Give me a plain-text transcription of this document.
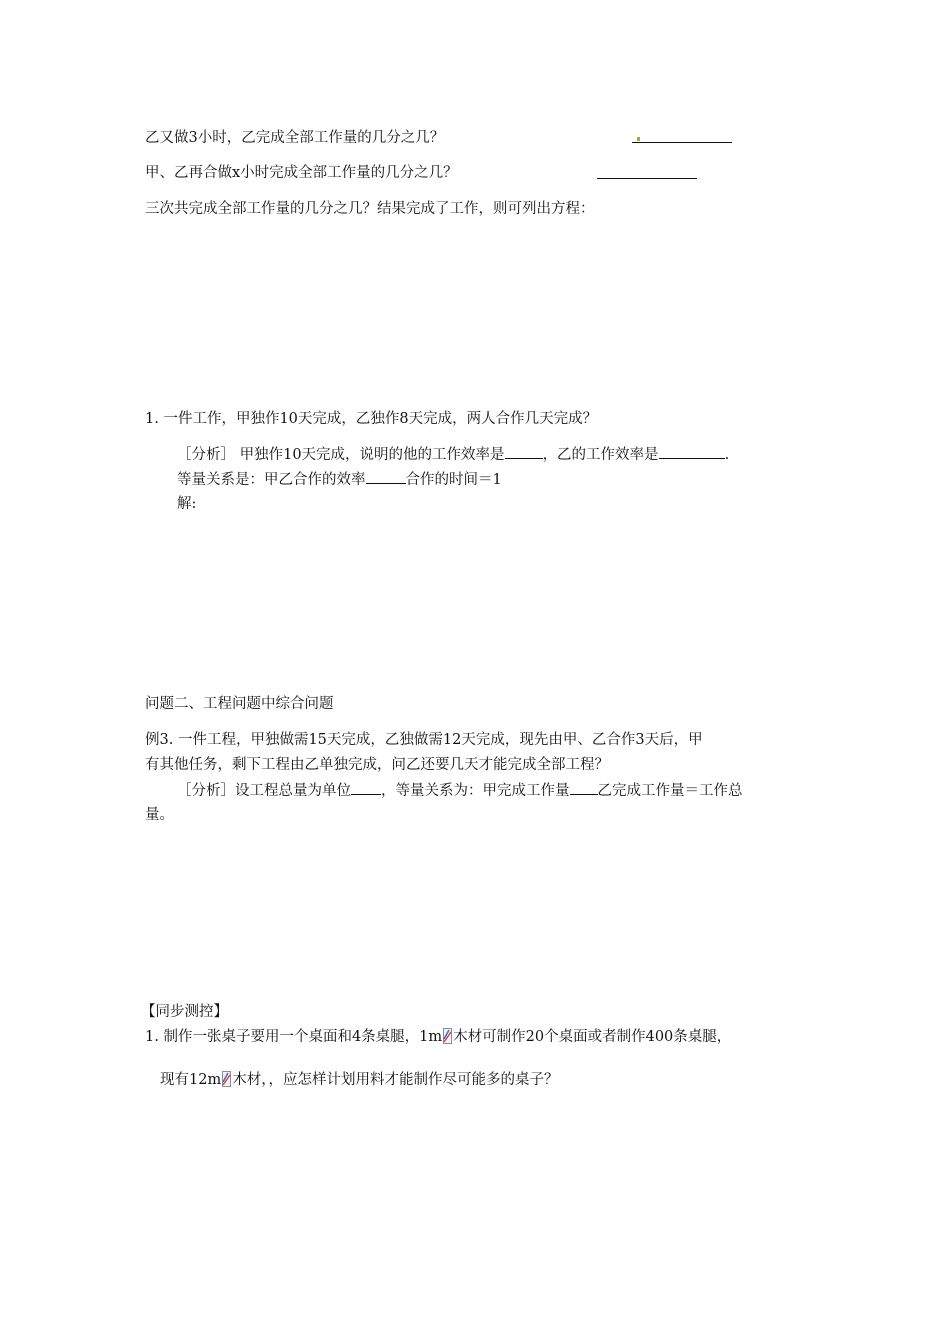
乙又做3小时，乙完成全部工作量的几分之几？
甲、乙再合做x小时完成全部工作量的几分之几？
三次共完成全部工作量的几分之几？结果完成了工作，则可列出方程：
1. 一件工作，甲独作10天完成，乙独作8天完成，两人合作几天完成？
［分析］ 甲独作10天完成，说明的他的工作效率是	，乙的工作效率是	.
等量关系是：甲乙合作的效率	合作的时间＝1
解:
问题二、工程问题中综合问题
例3. 一件工程，甲独做需15天完成，乙独做需12天完成，现先由甲、乙合作3天后，甲
有其他任务，剩下工程由乙单独完成，问乙还要几天才能完成全部工程？
［分析］设工程总量为单位 ，等量关系为：甲完成工作量 乙完成工作量＝工作总
量。
【同步测控】
1. 制作一张桌子要用一个桌面和4条桌腿，1m 木材可制作20个桌面或者制作400条桌腿，
现有12m 木材，，应怎样计划用料才能制作尽可能多的桌子？
